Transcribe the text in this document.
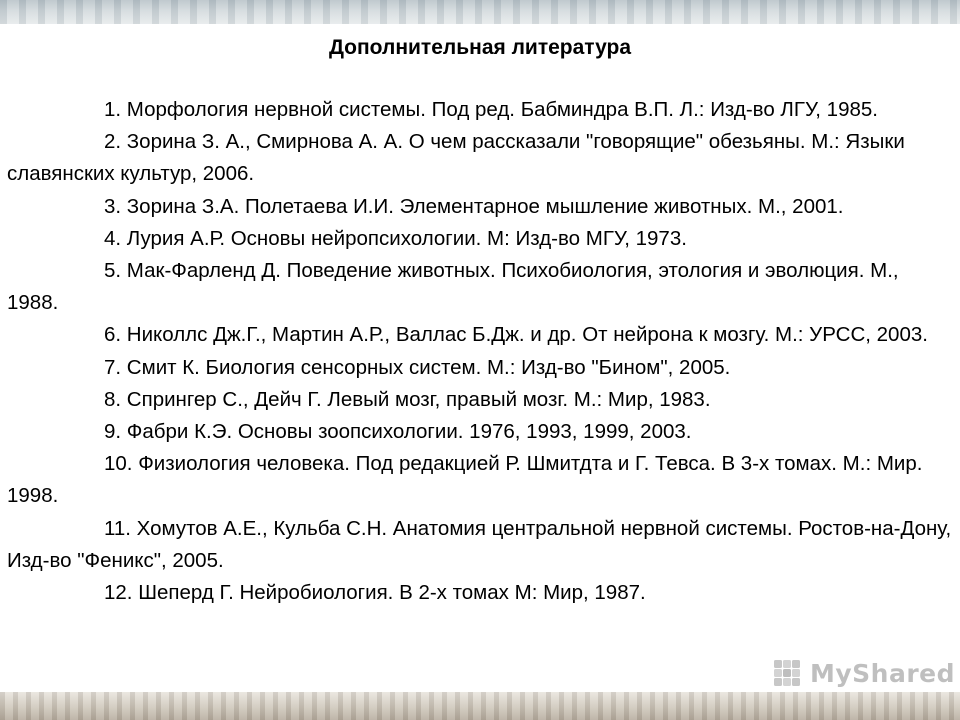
Дополнительная литература
1. Морфология нервной системы. Под ред. Бабминдра В.П. Л.: Изд-во ЛГУ, 1985.
2. Зорина З. А., Смирнова А. А. О чем рассказали "говорящие" обезьяны. М.: Языки славянских культур, 2006.
3. Зорина З.А. Полетаева И.И. Элементарное мышление животных. М., 2001.
4. Лурия А.Р. Основы нейропсихологии. М: Изд-во МГУ, 1973.
5. Мак-Фарленд Д. Поведение животных. Психобиология, этология и эволюция. М., 1988.
6. Николлс Дж.Г., Мартин А.Р., Валлас Б.Дж. и др. От нейрона к мозгу. М.: УРСС, 2003.
7. Смит К. Биология сенсорных систем. М.: Изд-во "Бином", 2005.
8. Спрингер С., Дейч Г. Левый мозг, правый мозг. М.: Мир, 1983.
9. Фабри К.Э. Основы зоопсихологии. 1976, 1993, 1999, 2003.
10. Физиология человека. Под редакцией Р. Шмитдта и Г. Тевса. В 3-х томах. М.: Мир. 1998.
11. Хомутов А.Е., Кульба С.Н. Анатомия центральной нервной системы. Ростов-на-Дону, Изд-во "Феникс", 2005.
12. Шеперд Г. Нейробиология. В 2-х томах М: Мир, 1987.
MyShared
